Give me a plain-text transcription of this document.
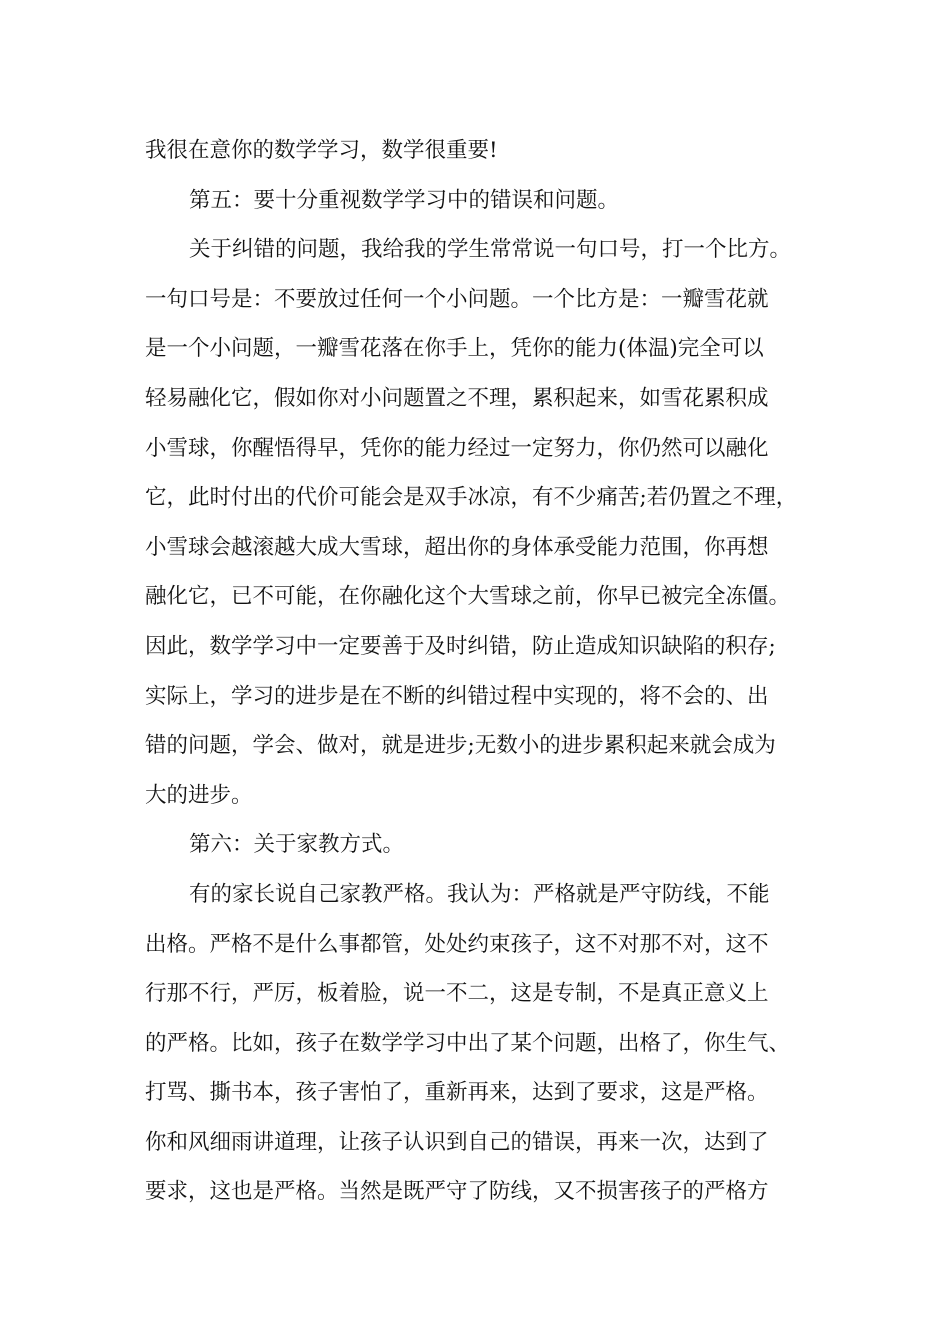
我很在意你的数学学习，数学很重要!
第五：要十分重视数学学习中的错误和问题。
关于纠错的问题，我给我的学生常常说一句口号，打一个比方。
一句口号是：不要放过任何一个小问题。一个比方是：一瓣雪花就
是一个小问题，一瓣雪花落在你手上，凭你的能力(体温)完全可以
轻易融化它，假如你对小问题置之不理，累积起来，如雪花累积成
小雪球，你醒悟得早，凭你的能力经过一定努力，你仍然可以融化
它，此时付出的代价可能会是双手冰凉，有不少痛苦;若仍置之不理，
小雪球会越滚越大成大雪球，超出你的身体承受能力范围，你再想
融化它，已不可能，在你融化这个大雪球之前，你早已被完全冻僵。
因此，数学学习中一定要善于及时纠错，防止造成知识缺陷的积存;
实际上，学习的进步是在不断的纠错过程中实现的，将不会的、出
错的问题，学会、做对，就是进步;无数小的进步累积起来就会成为
大的进步。
第六：关于家教方式。
有的家长说自己家教严格。我认为：严格就是严守防线，不能
出格。严格不是什么事都管，处处约束孩子，这不对那不对，这不
行那不行，严厉，板着脸，说一不二，这是专制，不是真正意义上
的严格。比如，孩子在数学学习中出了某个问题，出格了，你生气、
打骂、撕书本，孩子害怕了，重新再来，达到了要求，这是严格。
你和风细雨讲道理，让孩子认识到自己的错误，再来一次，达到了
要求，这也是严格。当然是既严守了防线，又不损害孩子的严格方
